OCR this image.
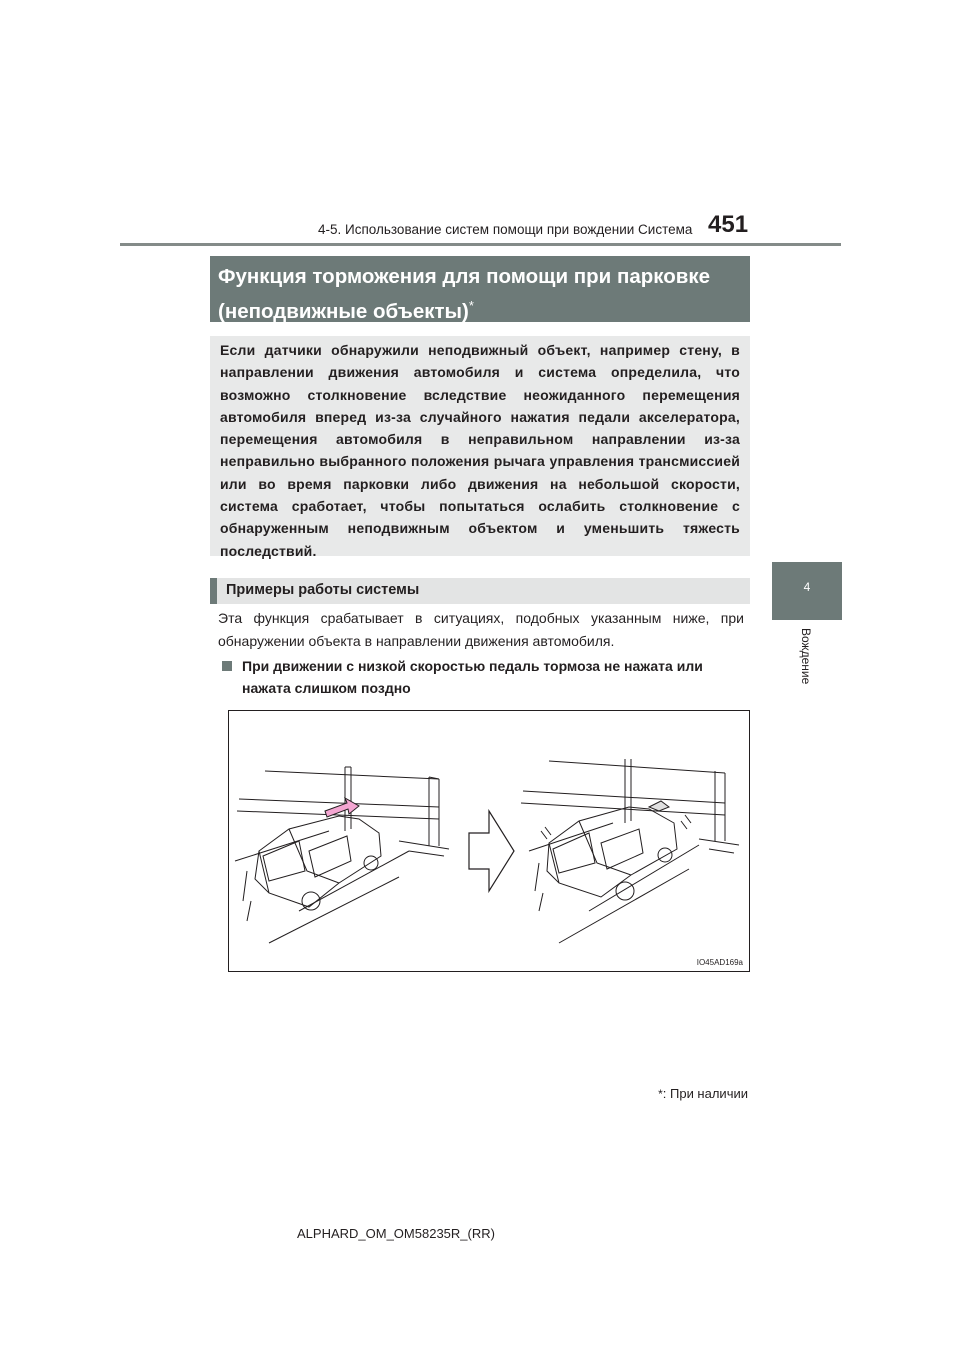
4-5. Использование систем помощи при вождении Система 451
4
Вождение
Функция торможения для помощи при парковке
(неподвижные объекты)*
Если датчики обнаружили неподвижный объект, например стену, в направлении движения автомобиля и система определила, что возможно столкновение вследствие неожиданного перемещения автомобиля вперед из-за случайного нажатия педали акселератора, перемещения автомобиля в неправильном направлении из-за неправильно выбранного положения рычага управления трансмиссией или во время парковки либо движения на небольшой скорости, система сработает, чтобы попытаться ослабить столкновение с обнаруженным неподвижным объектом и уменьшить тяжесть последствий.
Примеры работы системы
Эта функция срабатывает в ситуациях, подобных указанным ниже, при обнаружении объекта в направлении движения автомобиля.
При движении с низкой скоростью педаль тормоза не нажата или нажата слишком поздно
IO45AD169a
*: При наличии
ALPHARD_OM_OM58235R_(RR)
